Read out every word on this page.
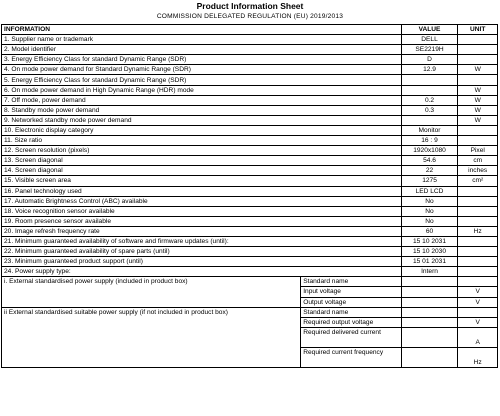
Product Information Sheet
COMMISSION DELEGATED REGULATION (EU) 2019/2013
INFORMATION		VALUE	UNIT
1. Supplier name or trademark		DELL	
2. Model identifier		SE2219H	
3. Energy Efficiency Class for standard Dynamic Range (SDR)		D	
4. On mode power demand for Standard Dynamic Range (SDR)		12.9	W
5. Energy Efficiency Class for standard Dynamic Range (SDR)			
6. On mode power demand in High Dynamic Range (HDR) mode			W
7. Off mode, power demand		0.2	W
8. Standby mode power demand		0.3	W
9. Networked standby mode power demand			W
10. Electronic display category		Monitor	
11. Size ratio		16 : 9	
12. Screen resolution (pixels)		1920x1080	Pixel
13. Screen diagonal		54.6	cm
14. Screen diagonal		22	inches
15. Visible screen area		1275	cm²
16. Panel technology used		LED LCD	
17. Automatic Brightness Control (ABC) available		No	
18. Voice recognition sensor available		No	
19. Room presence sensor available		No	
20. Image refresh frequency rate		60	Hz
21. Minimum guaranteed availability of software and firmware updates (until):		15 10 2031	
22. Minimum guaranteed availability of spare parts (until)		15 10 2030	
23. Minimum guaranteed product support (until)		15 01 2031	
24. Power supply type:		Intern	
i. External standardised power supply (included in product box)	Standard name		
	Input voltage		V
	Output voltage		V
ii External standardised suitable power supply (if not included in product box)	Standard name		
	Required output voltage		V
	Required delivered current		A
	Required current frequency		Hz
